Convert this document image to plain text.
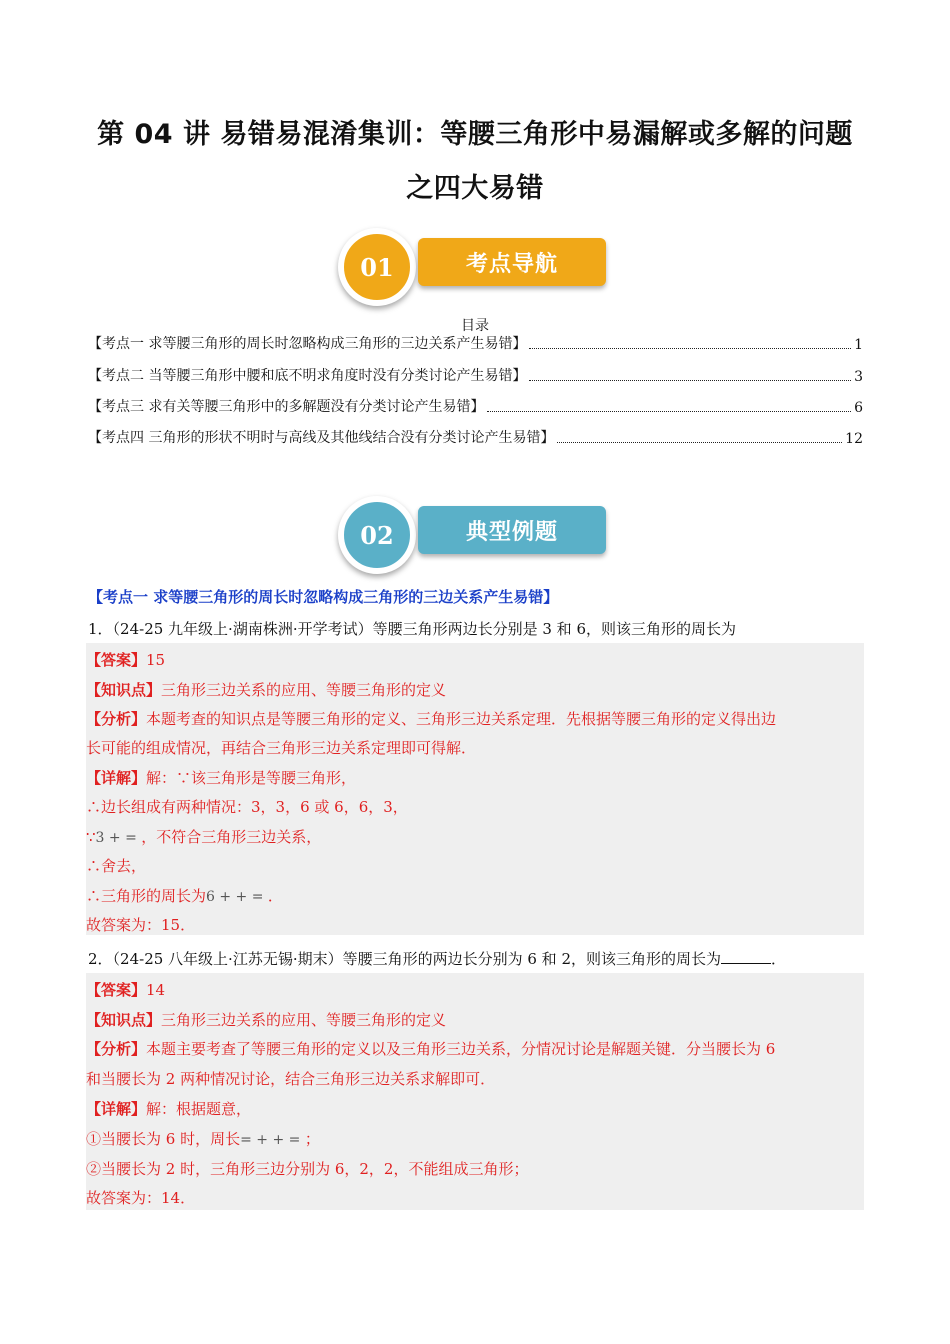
第 04 讲 易错易混淆集训：等腰三角形中易漏解或多解的问题
之四大易错
01	考点导航
目录
【考点一 求等腰三角形的周长时忽略构成三角形的三边关系产生易错】	1
【考点二 当等腰三角形中腰和底不明求角度时没有分类讨论产生易错】	3
【考点三 求有关等腰三角形中的多解题没有分类讨论产生易错】	6
【考点四 三角形的形状不明时与高线及其他线结合没有分类讨论产生易错】	12
02	典型例题
【考点一 求等腰三角形的周长时忽略构成三角形的三边关系产生易错】
1．（24-25 九年级上·湖南株洲·开学考试）等腰三角形两边长分别是 3 和 6，则该三角形的周长为
【答案】15
【知识点】三角形三边关系的应用、等腰三角形的定义
【分析】本题考查的知识点是等腰三角形的定义、三角形三边关系定理．先根据等腰三角形的定义得出边
长可能的组成情况，再结合三角形三边关系定理即可得解．
【详解】解：∵该三角形是等腰三角形，
∴边长组成有两种情况：3，3，6 或 6，6，3，
∵3 + = ，不符合三角形三边关系，
∴舍去，
∴三角形的周长为6 + + = ．
故答案为：15．
2．（24-25 八年级上·江苏无锡·期末）等腰三角形的两边长分别为 6 和 2，则该三角形的周长为	．
【答案】14
【知识点】三角形三边关系的应用、等腰三角形的定义
【分析】本题主要考查了等腰三角形的定义以及三角形三边关系，分情况讨论是解题关键．分当腰长为 6
和当腰长为 2 两种情况讨论，结合三角形三边关系求解即可．
【详解】解：根据题意，
①当腰长为 6 时，周长= + + = ；
②当腰长为 2 时，三角形三边分别为 6，2，2，不能组成三角形；
故答案为：14．
